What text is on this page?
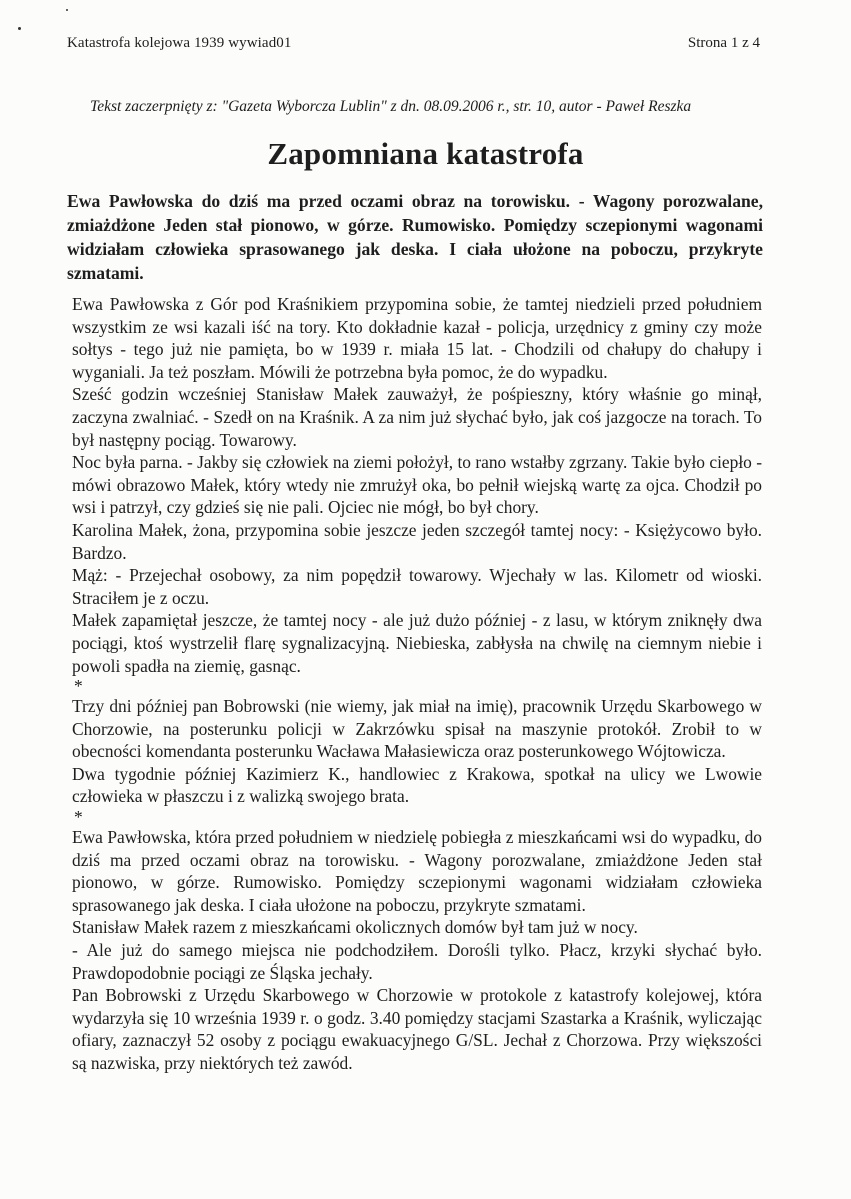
Katastrofa kolejowa 1939 wywiad01	Strona 1 z 4
Tekst zaczerpnięty z: "Gazeta Wyborcza Lublin" z dn. 08.09.2006 r., str. 10, autor - Paweł Reszka
Zapomniana katastrofa
Ewa Pawłowska do dziś ma przed oczami obraz na torowisku. - Wagony porozwalane, zmiażdżone Jeden stał pionowo, w górze. Rumowisko. Pomiędzy sczepionymi wagonami widziałam człowieka sprasowanego jak deska. I ciała ułożone na poboczu, przykryte szmatami.

Ewa Pawłowska z Gór pod Kraśnikiem przypomina sobie, że tamtej niedzieli przed południem wszystkim ze wsi kazali iść na tory. Kto dokładnie kazał - policja, urzędnicy z gminy czy może sołtys - tego już nie pamięta, bo w 1939 r. miała 15 lat. - Chodzili od chałupy do chałupy i wyganiali. Ja też poszłam. Mówili że potrzebna była pomoc, że do wypadku.

Sześć godzin wcześniej Stanisław Małek zauważył, że pośpieszny, który właśnie go minął, zaczyna zwalniać. - Szedł on na Kraśnik. A za nim już słychać było, jak coś jazgocze na torach. To był następny pociąg. Towarowy.

Noc była parna. - Jakby się człowiek na ziemi położył, to rano wstałby zgrzany. Takie było ciepło - mówi obrazowo Małek, który wtedy nie zmrużył oka, bo pełnił wiejską wartę za ojca. Chodził po wsi i patrzył, czy gdzieś się nie pali. Ojciec nie mógł, bo był chory.

Karolina Małek, żona, przypomina sobie jeszcze jeden szczegół tamtej nocy: - Księżycowo było. Bardzo.

Mąż: - Przejechał osobowy, za nim popędził towarowy. Wjechały w las. Kilometr od wioski. Straciłem je z oczu.

Małek zapamiętał jeszcze, że tamtej nocy - ale już dużo później - z lasu, w którym zniknęły dwa pociągi, ktoś wystrzelił flarę sygnalizacyjną. Niebieska, zabłysła na chwilę na ciemnym niebie i powoli spadła na ziemię, gasnąc.

*

Trzy dni później pan Bobrowski (nie wiemy, jak miał na imię), pracownik Urzędu Skarbowego w Chorzowie, na posterunku policji w Zakrzówku spisał na maszynie protokół. Zrobił to w obecności komendanta posterunku Wacława Małasiewicza oraz posterunkowego Wójtowicza.

Dwa tygodnie później Kazimierz K., handlowiec z Krakowa, spotkał na ulicy we Lwowie człowieka w płaszczu i z walizką swojego brata.

*

Ewa Pawłowska, która przed południem w niedzielę pobiegła z mieszkańcami wsi do wypadku, do dziś ma przed oczami obraz na torowisku. - Wagony porozwalane, zmiażdżone Jeden stał pionowo, w górze. Rumowisko. Pomiędzy sczepionymi wagonami widziałam człowieka sprasowanego jak deska. I ciała ułożone na poboczu, przykryte szmatami.

Stanisław Małek razem z mieszkańcami okolicznych domów był tam już w nocy.

- Ale już do samego miejsca nie podchodziłem. Dorośli tylko. Płacz, krzyki słychać było. Prawdopodobnie pociągi ze Śląska jechały.

Pan Bobrowski z Urzędu Skarbowego w Chorzowie w protokole z katastrofy kolejowej, która wydarzyła się 10 września 1939 r. o godz. 3.40 pomiędzy stacjami Szastarka a Kraśnik, wyliczając ofiary, zaznaczył 52 osoby z pociągu ewakuacyjnego G/SL. Jechał z Chorzowa. Przy większości są nazwiska, przy niektórych też zawód.
